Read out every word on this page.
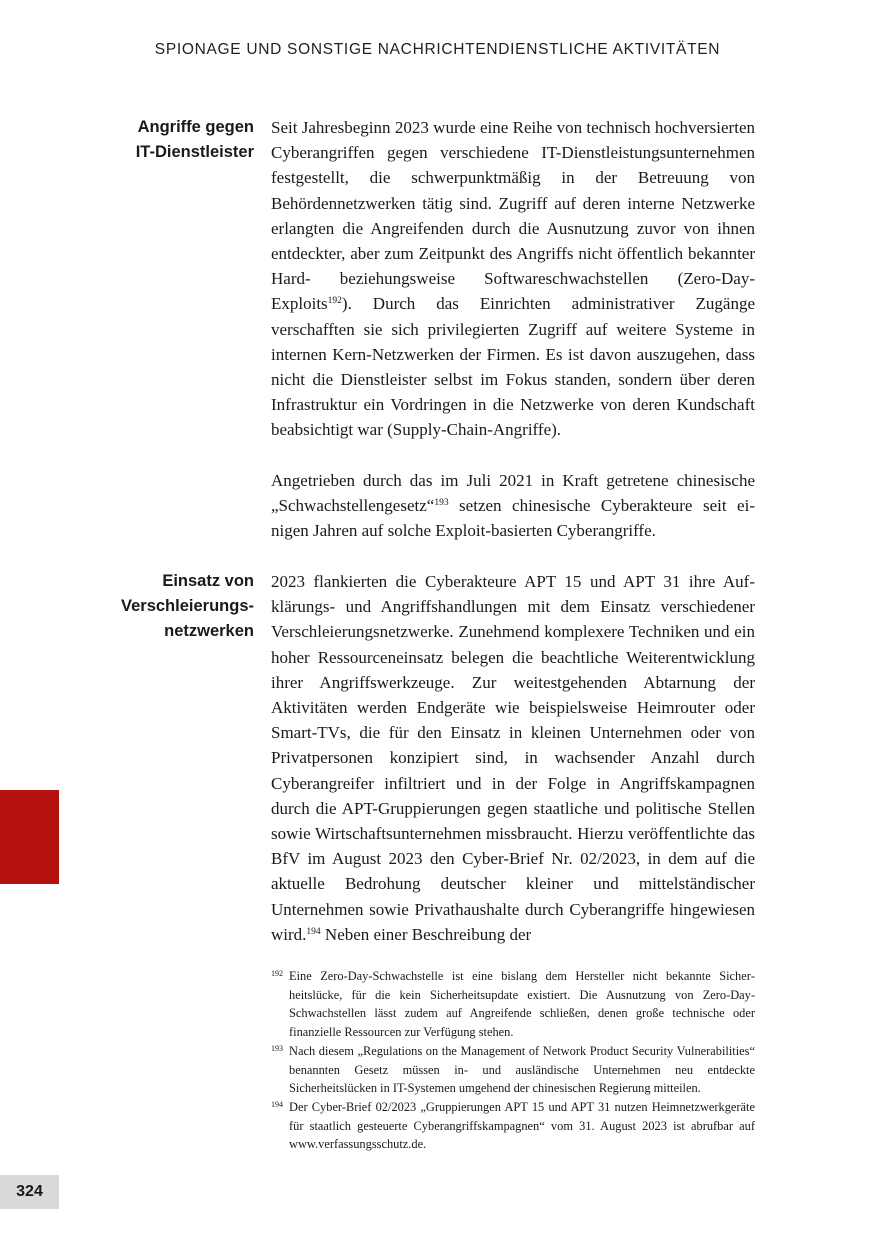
SPIONAGE UND SONSTIGE NACHRICHTENDIENSTLICHE AKTIVITÄTEN
Angriffe gegen
IT-Dienstleister

Seit Jahresbeginn 2023 wurde eine Reihe von technisch hochversierten Cyberangriffen gegen verschiedene IT-Dienstleistungsunternehmen festgestellt, die schwerpunktmäßig in der Betreuung von Behördennetzwerken tätig sind. Zugriff auf deren interne Netzwerke erlangten die Angreifenden durch die Ausnutzung zuvor von ihnen entdeckter, aber zum Zeitpunkt des Angriffs nicht öffentlich bekannter Hard- beziehungsweise Softwareschwachstellen (Zero-Day-Exploits$^{192}$). Durch das Einrichten administrativer Zugänge verschafften sie sich privilegierten Zugriff auf weitere Systeme in internen Kern-Netzwerken der Firmen. Es ist davon auszugehen, dass nicht die Dienstleister selbst im Fokus standen, sondern über deren Infrastruktur ein Vordringen in die Netzwerke von deren Kundschaft beabsichtigt war (Supply-Chain-Angriffe).

Angetrieben durch das im Juli 2021 in Kraft getretene chinesische „Schwachstellengesetz“$^{193}$ setzen chinesische Cyberakteure seit einigen Jahren auf solche Exploit-basierten Cyberangriffe.

Einsatz von
Verschleierungs-
netzwerken

2023 flankierten die Cyberakteure APT 15 und APT 31 ihre Aufklärungs- und Angriffshandlungen mit dem Einsatz verschiedener Verschleierungsnetzwerke. Zunehmend komplexere Techniken und ein hoher Ressourceneinsatz belegen die beachtliche Weiterentwicklung ihrer Angriffswerkzeuge. Zur weitestgehenden Abtarnung der Aktivitäten werden Endgeräte wie beispielsweise Heimrouter oder Smart-TVs, die für den Einsatz in kleinen Unternehmen oder von Privatpersonen konzipiert sind, in wachsender Anzahl durch Cyberangreifer infiltriert und in der Folge in Angriffskampagnen durch die APT-Gruppierungen gegen staatliche und politische Stellen sowie Wirtschaftsunternehmen missbraucht. Hierzu veröffentlichte das BfV im August 2023 den Cyber-Brief Nr. 02/2023, in dem auf die aktuelle Bedrohung deutscher kleiner und mittelständischer Unternehmen sowie Privathaushalte durch Cyberangriffe hingewiesen wird.$^{194}$ Neben einer Beschreibung der

192 Eine Zero-Day-Schwachstelle ist eine bislang dem Hersteller nicht bekannte Sicherheitslücke, für die kein Sicherheitsupdate existiert. Die Ausnutzung von Zero-Day-Schwachstellen lässt zudem auf Angreifende schließen, denen große technische oder finanzielle Ressourcen zur Verfügung stehen.

193 Nach diesem „Regulations on the Management of Network Product Security Vulnerabilities“ benannten Gesetz müssen in- und ausländische Unternehmen neu entdeckte Sicherheitslücken in IT-Systemen umgehend der chinesischen Regierung mitteilen.

194 Der Cyber-Brief 02/2023 „Gruppierungen APT 15 und APT 31 nutzen Heimnetzwerkgeräte für staatlich gesteuerte Cyberangriffskampagnen“ vom 31. August 2023 ist abrufbar auf www.verfassungsschutz.de.

324
